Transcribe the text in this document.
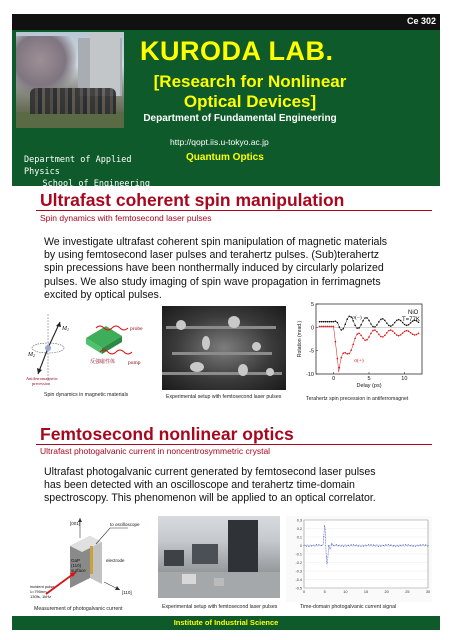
Ce 302
KURODA LAB.
[Research for Nonlinear
Optical Devices]
Department of Fundamental Engineering
http://qopt.iis.u-tokyo.ac.jp
Quantum Optics
Department of Applied Physics
School of Engineering
Ultrafast coherent spin manipulation
Spin dynamics with femtosecond laser pulses
We investigate ultrafast coherent spin manipulation of magnetic materials
by using femtosecond laser pulses and terahertz pulses. (Sub)terahertz
spin precessions have been nonthermally induced by circularly polarized
pulses. We also study imaging of spin wave propagation in ferrimagnets
excited by optical pulses.
M1
M2
probe
pump
反強磁性体
Antiferromagnetic
precession
Spin dynamics in magnetic materials	Experimental setup with femtosecond laser pulses
5
0
-5
-10
0	5	10
Rotation (mrad.)
Delay (ps)
NiO
T=77K
σ(−)
σ(+)
Terahertz spin precession in antiferromagnet
Femtosecond nonlinear optics
Ultrafast photogalvanic current in noncentrosymmetric crystal
Ultrafast photogalvanic current generated by femtosecond laser pulses
has been detected with an oscilloscope and terahertz time-domain
spectroscopy. This phenomenon will be applied to an optical correlator.
[001]	to oscilloscope
electrode
GaP
(110)
surface
[110]
incident pulse
λ=790nm
130fs, 1kHz
Measurement of photogalvanic current	Experimental setup with femtosecond laser pulses
0.3
0.2
0.1
0
-0.1
-0.2
-0.3
-0.4
-0.5
0	5	10	15	20	25	30
Time-domain photogalvanic current signal
Institute of Industrial Science
